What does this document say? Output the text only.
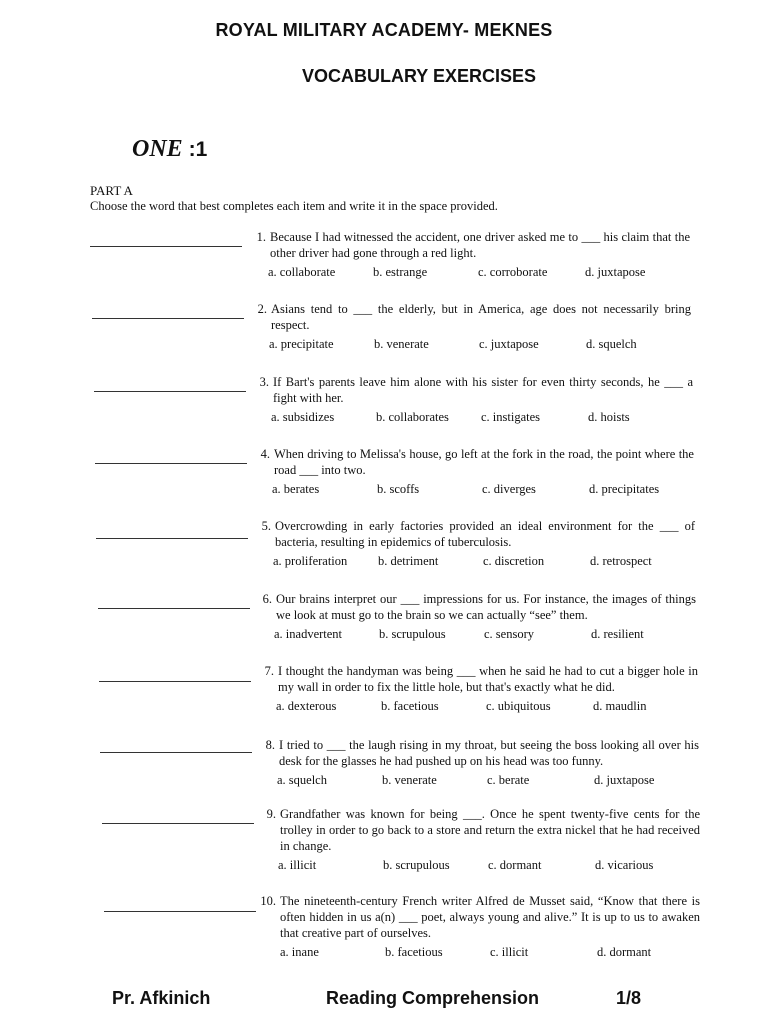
ROYAL MILITARY ACADEMY- MEKNES
VOCABULARY EXERCISES
ONE :1
PART A
Choose the word that best completes each item and write it in the space provided.
1. Because I had witnessed the accident, one driver asked me to ___ his claim that the other driver had gone through a red light.
a. collaborate	b. estrange	c. corroborate	d. juxtapose
2. Asians tend to ___ the elderly, but in America, age does not necessarily bring respect.
a. precipitate	b. venerate	c. juxtapose	d. squelch
3. If Bart's parents leave him alone with his sister for even thirty seconds, he ___ a fight with her.
a. subsidizes	b. collaborates	c. instigates	d. hoists
4. When driving to Melissa's house, go left at the fork in the road, the point where the road ___ into two.
a. berates	b. scoffs	c. diverges	d. precipitates
5. Overcrowding in early factories provided an ideal environment for the ___ of bacteria, resulting in epidemics of tuberculosis.
a. proliferation	b. detriment	c. discretion	d. retrospect
6. Our brains interpret our ___ impressions for us. For instance, the images of things we look at must go to the brain so we can actually “see” them.
a. inadvertent	b. scrupulous	c. sensory	d. resilient
7. I thought the handyman was being ___ when he said he had to cut a bigger hole in my wall in order to fix the little hole, but that's exactly what he did.
a. dexterous	b. facetious	c. ubiquitous	d. maudlin
8. I tried to ___ the laugh rising in my throat, but seeing the boss looking all over his desk for the glasses he had pushed up on his head was too funny.
a. squelch	b. venerate	c. berate	d. juxtapose
9. Grandfather was known for being ___. Once he spent twenty-five cents for the trolley in order to go back to a store and return the extra nickel that he had received in change.
a. illicit	b. scrupulous	c. dormant	d. vicarious
10. The nineteenth-century French writer Alfred de Musset said, “Know that there is often hidden in us a(n) ___ poet, always young and alive.” It is up to us to awaken that creative part of ourselves.
a. inane	b. facetious	c. illicit	d. dormant
Pr. Afkinich	Reading Comprehension	1/8
